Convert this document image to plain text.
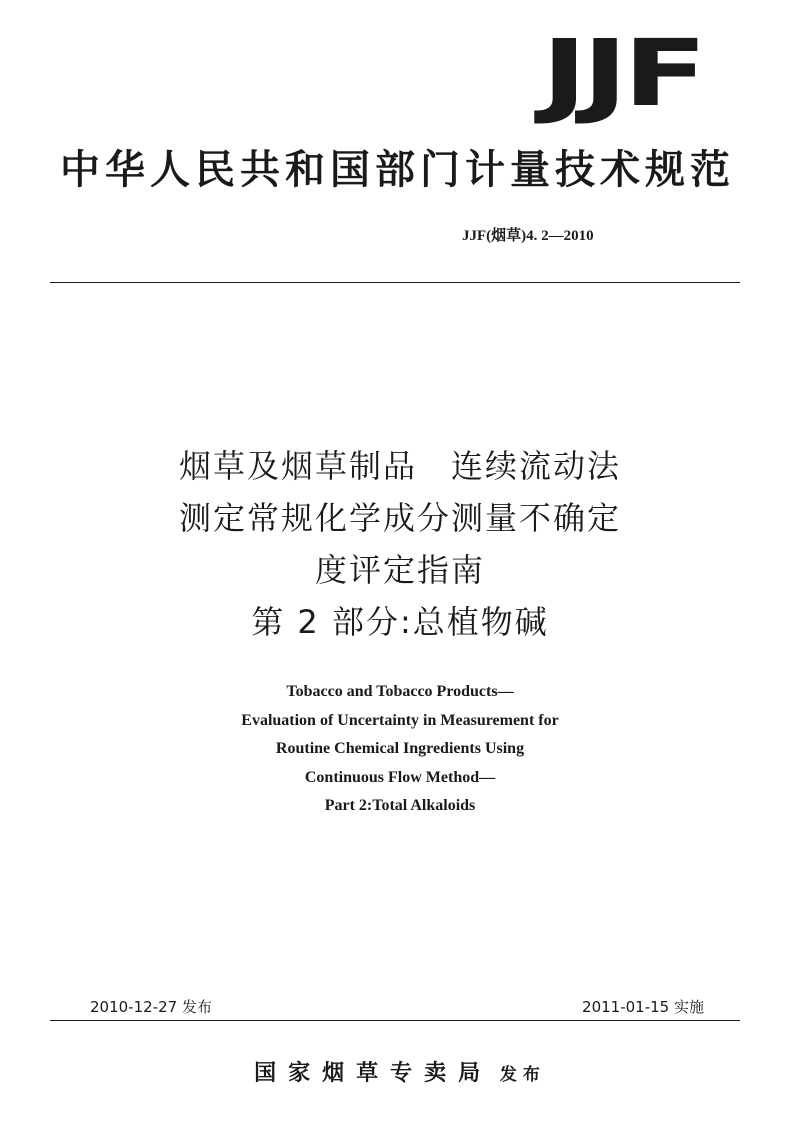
JJF
中华人民共和国部门计量技术规范
JJF(烟草)4. 2—2010
烟草及烟草制品　连续流动法
测定常规化学成分测量不确定
度评定指南
第 2 部分:总植物碱
Tobacco and Tobacco Products—
Evaluation of Uncertainty in Measurement for
Routine Chemical Ingredients Using
Continuous Flow Method—
Part 2:Total Alkaloids
2010-12-27 发布	2011-01-15 实施
国家烟草专卖局 发布
